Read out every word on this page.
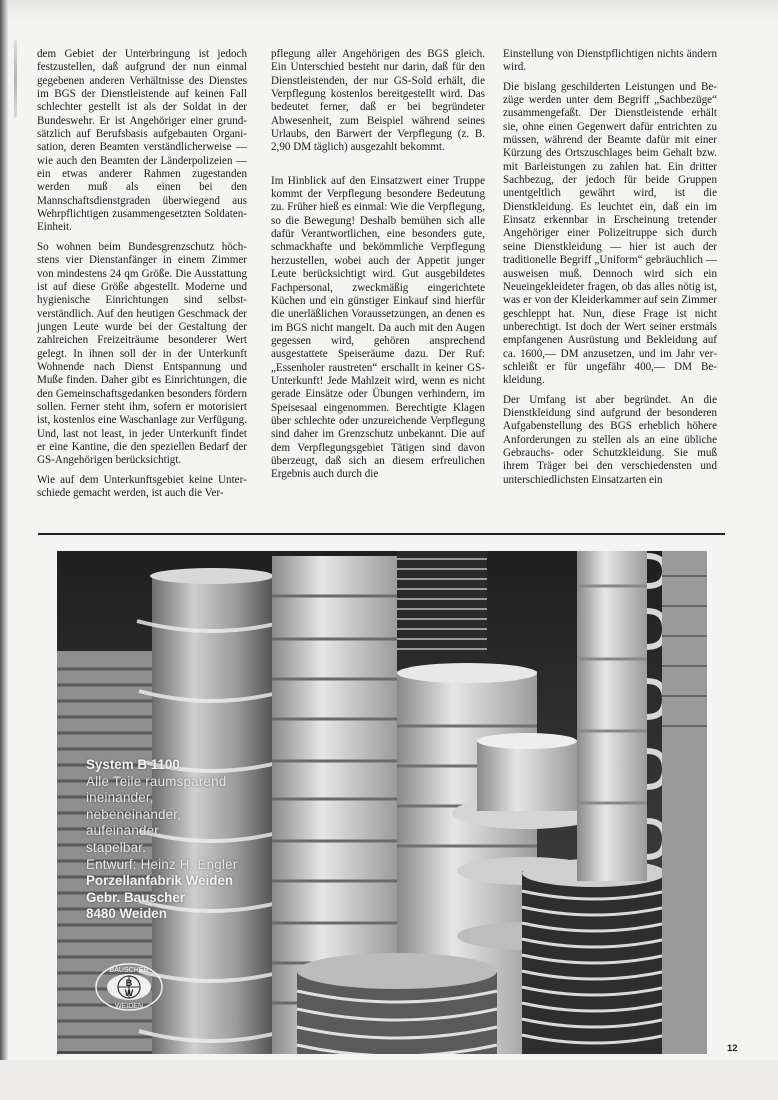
dem Gebiet der Unterbringung ist jedoch festzustellen, daß aufgrund der nun einmal gegebenen anderen Verhältnisse des Dienstes im BGS der Dienstleistende auf keinen Fall schlechter gestellt ist als der Soldat in der Bundeswehr. Er ist Angehöriger einer grundsätzlich auf Berufsbasis aufgebauten Organisation, deren Beamten verständlicherweise — wie auch den Beamten der Länderpolizeien — ein etwas anderer Rahmen zugestanden werden muß als einen bei den Mannschaftsdienstgraden überwiegend aus Wehrpflichtigen zusammengesetzten Soldaten-Einheit.

So wohnen beim Bundesgrenzschutz höchstens vier Dienstanfänger in einem Zimmer von mindestens 24 qm Größe. Die Ausstattung ist auf diese Größe abgestellt. Moderne und hygienische Einrichtungen sind selbstverständlich. Auf den heutigen Geschmack der jungen Leute wurde bei der Gestaltung der zahlreichen Freizeiträume besonderer Wert gelegt. In ihnen soll der in der Unterkunft Wohnende nach Dienst Entspannung und Muße finden. Daher gibt es Einrichtungen, die den Gemeinschaftsgedanken besonders fördern sollen. Ferner steht ihm, sofern er motorisiert ist, kostenlos eine Waschanlage zur Verfügung. Und, last not least, in jeder Unterkunft findet er eine Kantine, die den speziellen Bedarf der GS-Angehörigen berücksichtigt.

Wie auf dem Unterkunftsgebiet keine Unterschiede gemacht werden, ist auch die Ver-

pflegung aller Angehörigen des BGS gleich. Ein Unterschied besteht nur darin, daß für den Dienstleistenden, der nur GS-Sold erhält, die Verpflegung kostenlos bereitgestellt wird. Das bedeutet ferner, daß er bei begründeter Abwesenheit, zum Beispiel während seines Urlaubs, den Barwert der Verpflegung (z. B. 2,90 DM täglich) ausgezahlt bekommt.

Im Hinblick auf den Einsatzwert einer Truppe kommt der Verpflegung besondere Bedeutung zu. Früher hieß es einmal: Wie die Verpflegung, so die Bewegung! Deshalb bemühen sich alle dafür Verantwortlichen, eine besonders gute, schmackhafte und bekömmliche Verpflegung herzustellen, wobei auch der Appetit junger Leute berücksichtigt wird. Gut ausgebildetes Fachpersonal, zweckmäßig eingerichtete Küchen und ein günstiger Einkauf sind hierfür die unerläßlichen Voraussetzungen, an denen es im BGS nicht mangelt. Da auch mit den Augen gegessen wird, gehören ansprechend ausgestattete Speiseräume dazu. Der Ruf: „Essenholer raustreten“ erschallt in keiner GS-Unterkunft! Jede Mahlzeit wird, wenn es nicht gerade Einsätze oder Übungen verhindern, im Speisesaal eingenommen. Berechtigte Klagen über schlechte oder unzureichende Verpflegung sind daher im Grenzschutz unbekannt. Die auf dem Verpflegungsgebiet Tätigen sind davon überzeugt, daß sich an diesem erfreulichen Ergebnis auch durch die

Einstellung von Dienstpflichtigen nichts ändern wird.

Die bislang geschilderten Leistungen und Bezüge werden unter dem Begriff „Sachbezüge“ zusammengefaßt. Der Dienstleistende erhält sie, ohne einen Gegenwert dafür entrichten zu müssen, während der Beamte dafür mit einer Kürzung des Ortszuschlages beim Gehalt bzw. mit Barleistungen zu zahlen hat. Ein dritter Sachbezug, der jedoch für beide Gruppen unentgeltlich gewährt wird, ist die Dienstkleidung. Es leuchtet ein, daß ein im Einsatz erkennbar in Erscheinung tretender Angehöriger einer Polizeitruppe sich durch seine Dienstkleidung — hier ist auch der traditionelle Begriff „Uniform“ gebräuchlich — ausweisen muß. Dennoch wird sich ein Neueingekleideter fragen, ob das alles nötig ist, was er von der Kleiderkammer auf sein Zimmer geschleppt hat. Nun, diese Frage ist nicht unberechtigt. Ist doch der Wert seiner erstmals empfangenen Ausrüstung und Bekleidung auf ca. 1600,— DM anzusetzen, und im Jahr verschleißt er für ungefähr 400,— DM Bekleidung.

Der Umfang ist aber begründet. An die Dienstkleidung sind aufgrund der besonderen Aufgabenstellung des BGS erheblich höhere Anforderungen zu stellen als an eine übliche Gebrauchs- oder Schutzkleidung. Sie muß ihrem Träger bei den verschiedensten und unterschiedlichsten Einsatzarten ein

System B 1100
Alle Teile raumsparend
ineinander,
nebeneinander,
aufeinander
stapelbar.
Entwurf: Heinz H. Engler
Porzellanfabrik Weiden
Gebr. Bauscher
8480 Weiden
B
W
BAUSCHER
WEIDEN
12
